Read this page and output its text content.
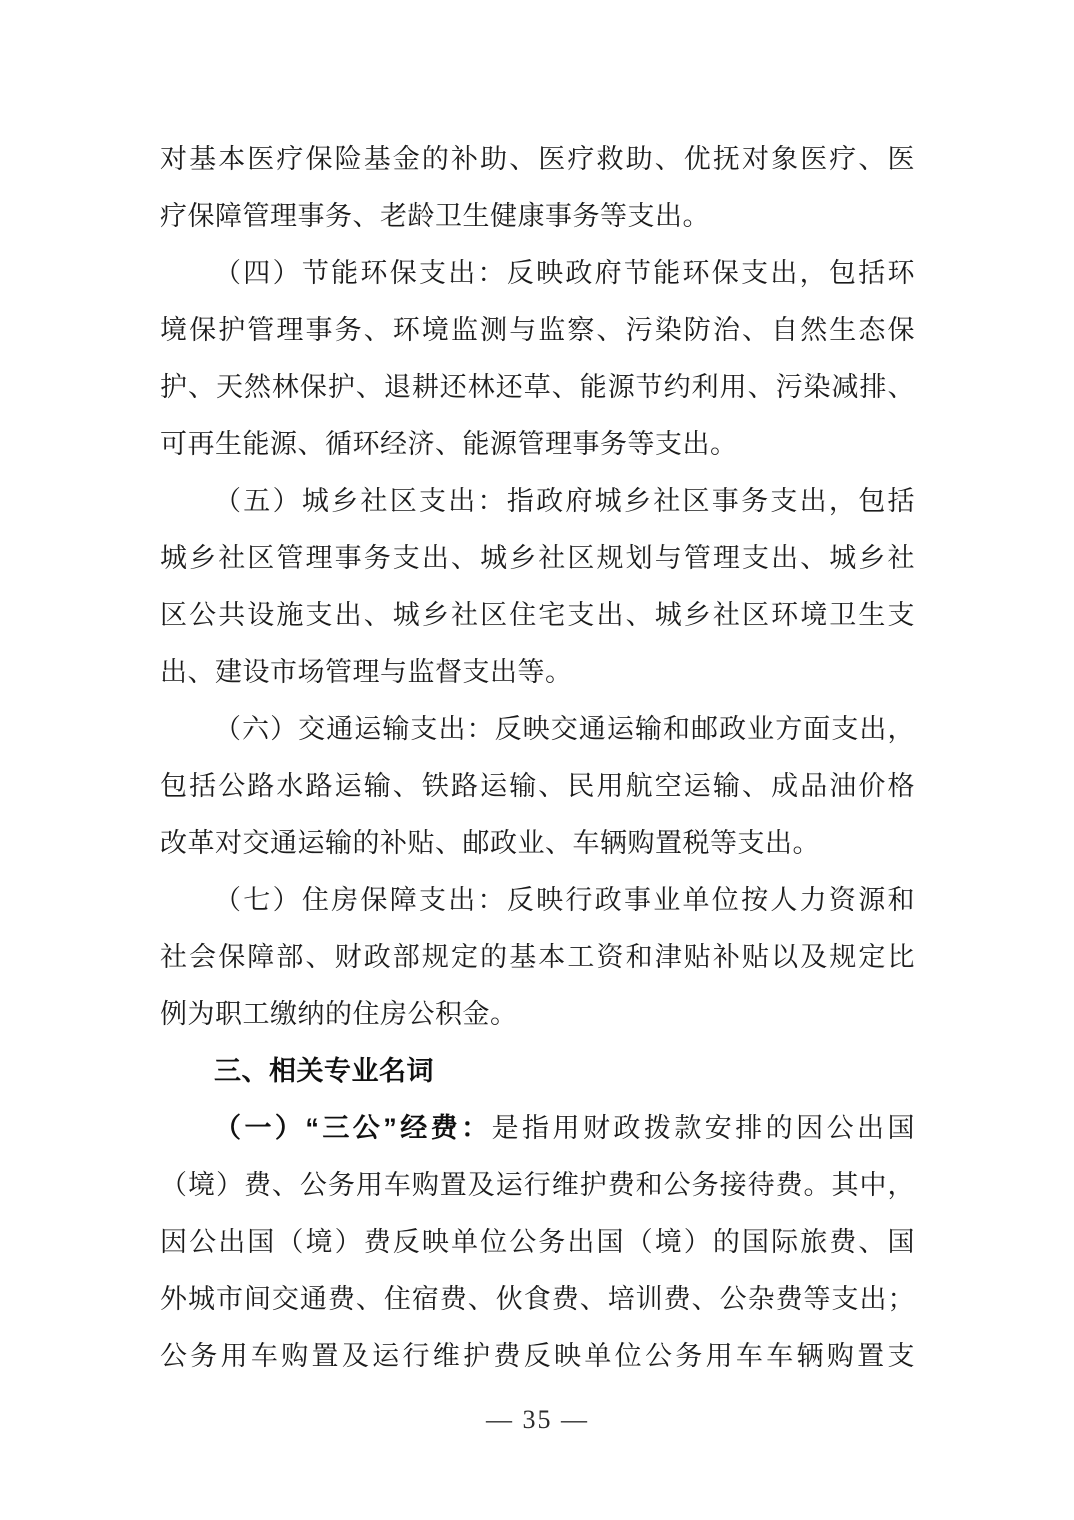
对基本医疗保险基金的补助、医疗救助、优抚对象医疗、医
疗保障管理事务、老龄卫生健康事务等支出。

（四）节能环保支出：反映政府节能环保支出，包括环
境保护管理事务、环境监测与监察、污染防治、自然生态保
护、天然林保护、退耕还林还草、能源节约利用、污染减排、
可再生能源、循环经济、能源管理事务等支出。

（五）城乡社区支出：指政府城乡社区事务支出，包括
城乡社区管理事务支出、城乡社区规划与管理支出、城乡社
区公共设施支出、城乡社区住宅支出、城乡社区环境卫生支
出、建设市场管理与监督支出等。

（六）交通运输支出：反映交通运输和邮政业方面支出，
包括公路水路运输、铁路运输、民用航空运输、成品油价格
改革对交通运输的补贴、邮政业、车辆购置税等支出。

（七）住房保障支出：反映行政事业单位按人力资源和
社会保障部、财政部规定的基本工资和津贴补贴以及规定比
例为职工缴纳的住房公积金。

三、相关专业名词

（一）“三公”经费：是指用财政拨款安排的因公出国
（境）费、公务用车购置及运行维护费和公务接待费。其中，
因公出国（境）费反映单位公务出国（境）的国际旅费、国
外城市间交通费、住宿费、伙食费、培训费、公杂费等支出；
公务用车购置及运行维护费反映单位公务用车车辆购置支

— 35 —
